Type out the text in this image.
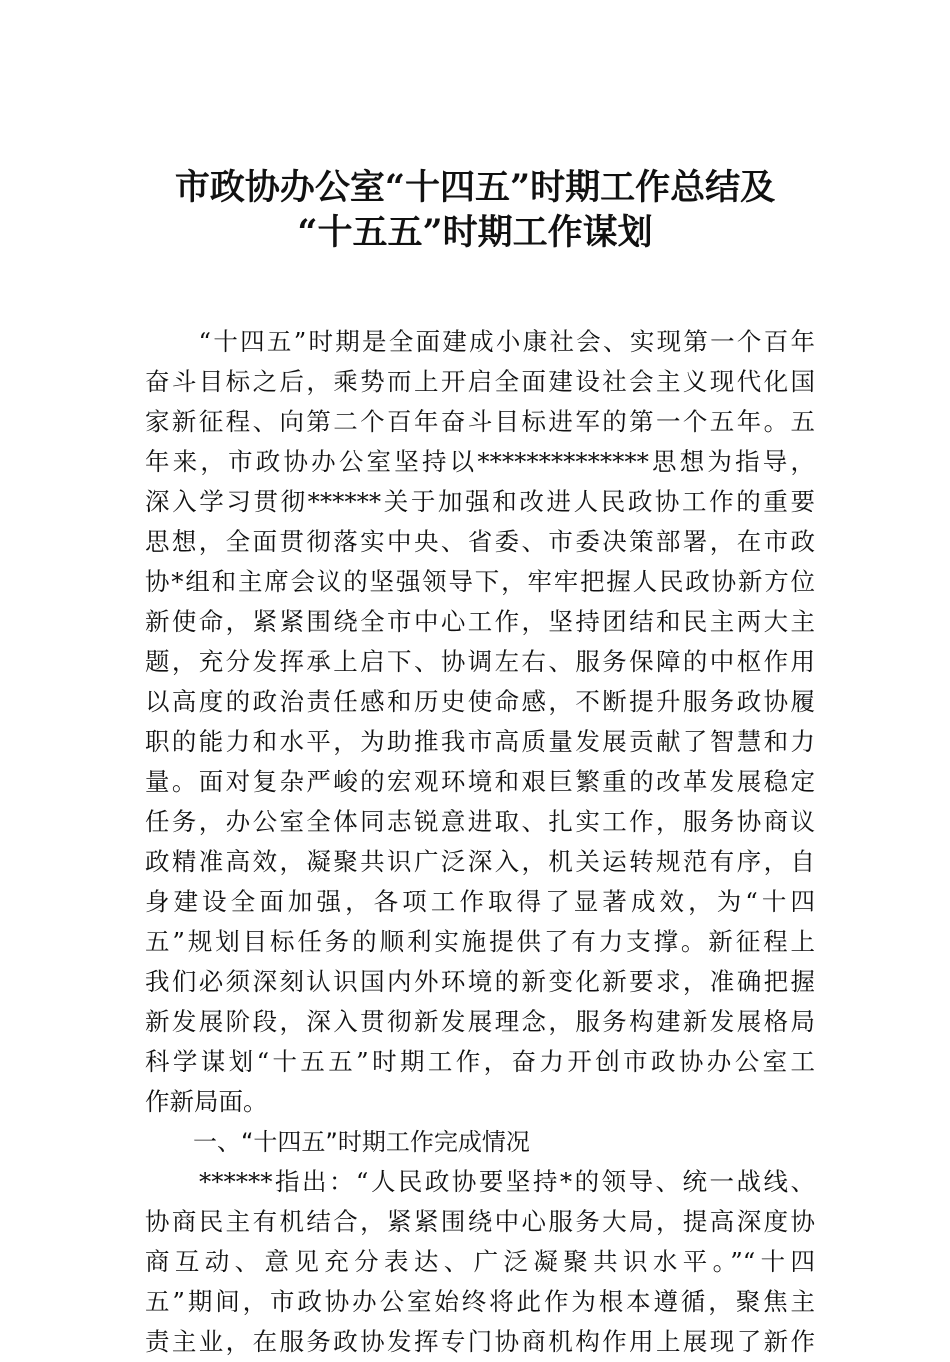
市政协办公室“十四五”时期工作总结及
“十五五”时期工作谋划
　　“十四五”时期是全面建成小康社会、实现第一个百年
奋斗目标之后，乘势而上开启全面建设社会主义现代化国
家新征程、向第二个百年奋斗目标进军的第一个五年。五
年来，市政协办公室坚持以**************思想为指导，
深入学习贯彻******关于加强和改进人民政协工作的重要
思想，全面贯彻落实中央、省委、市委决策部署，在市政
协*组和主席会议的坚强领导下，牢牢把握人民政协新方位
新使命，紧紧围绕全市中心工作，坚持团结和民主两大主
题，充分发挥承上启下、协调左右、服务保障的中枢作用
以高度的政治责任感和历史使命感，不断提升服务政协履
职的能力和水平，为助推我市高质量发展贡献了智慧和力
量。面对复杂严峻的宏观环境和艰巨繁重的改革发展稳定
任务，办公室全体同志锐意进取、扎实工作，服务协商议
政精准高效，凝聚共识广泛深入，机关运转规范有序，自
身建设全面加强，各项工作取得了显著成效，为“十四
五”规划目标任务的顺利实施提供了有力支撑。新征程上
我们必须深刻认识国内外环境的新变化新要求，准确把握
新发展阶段，深入贯彻新发展理念，服务构建新发展格局
科学谋划“十五五”时期工作，奋力开创市政协办公室工
作新局面。
　　一、“十四五”时期工作完成情况
　　******指出：“人民政协要坚持*的领导、统一战线、
协商民主有机结合，紧紧围绕中心服务大局，提高深度协
商互动、意见充分表达、广泛凝聚共识水平。”“十四
五”期间，市政协办公室始终将此作为根本遵循，聚焦主
责主业，在服务政协发挥专门协商机构作用上展现了新作
